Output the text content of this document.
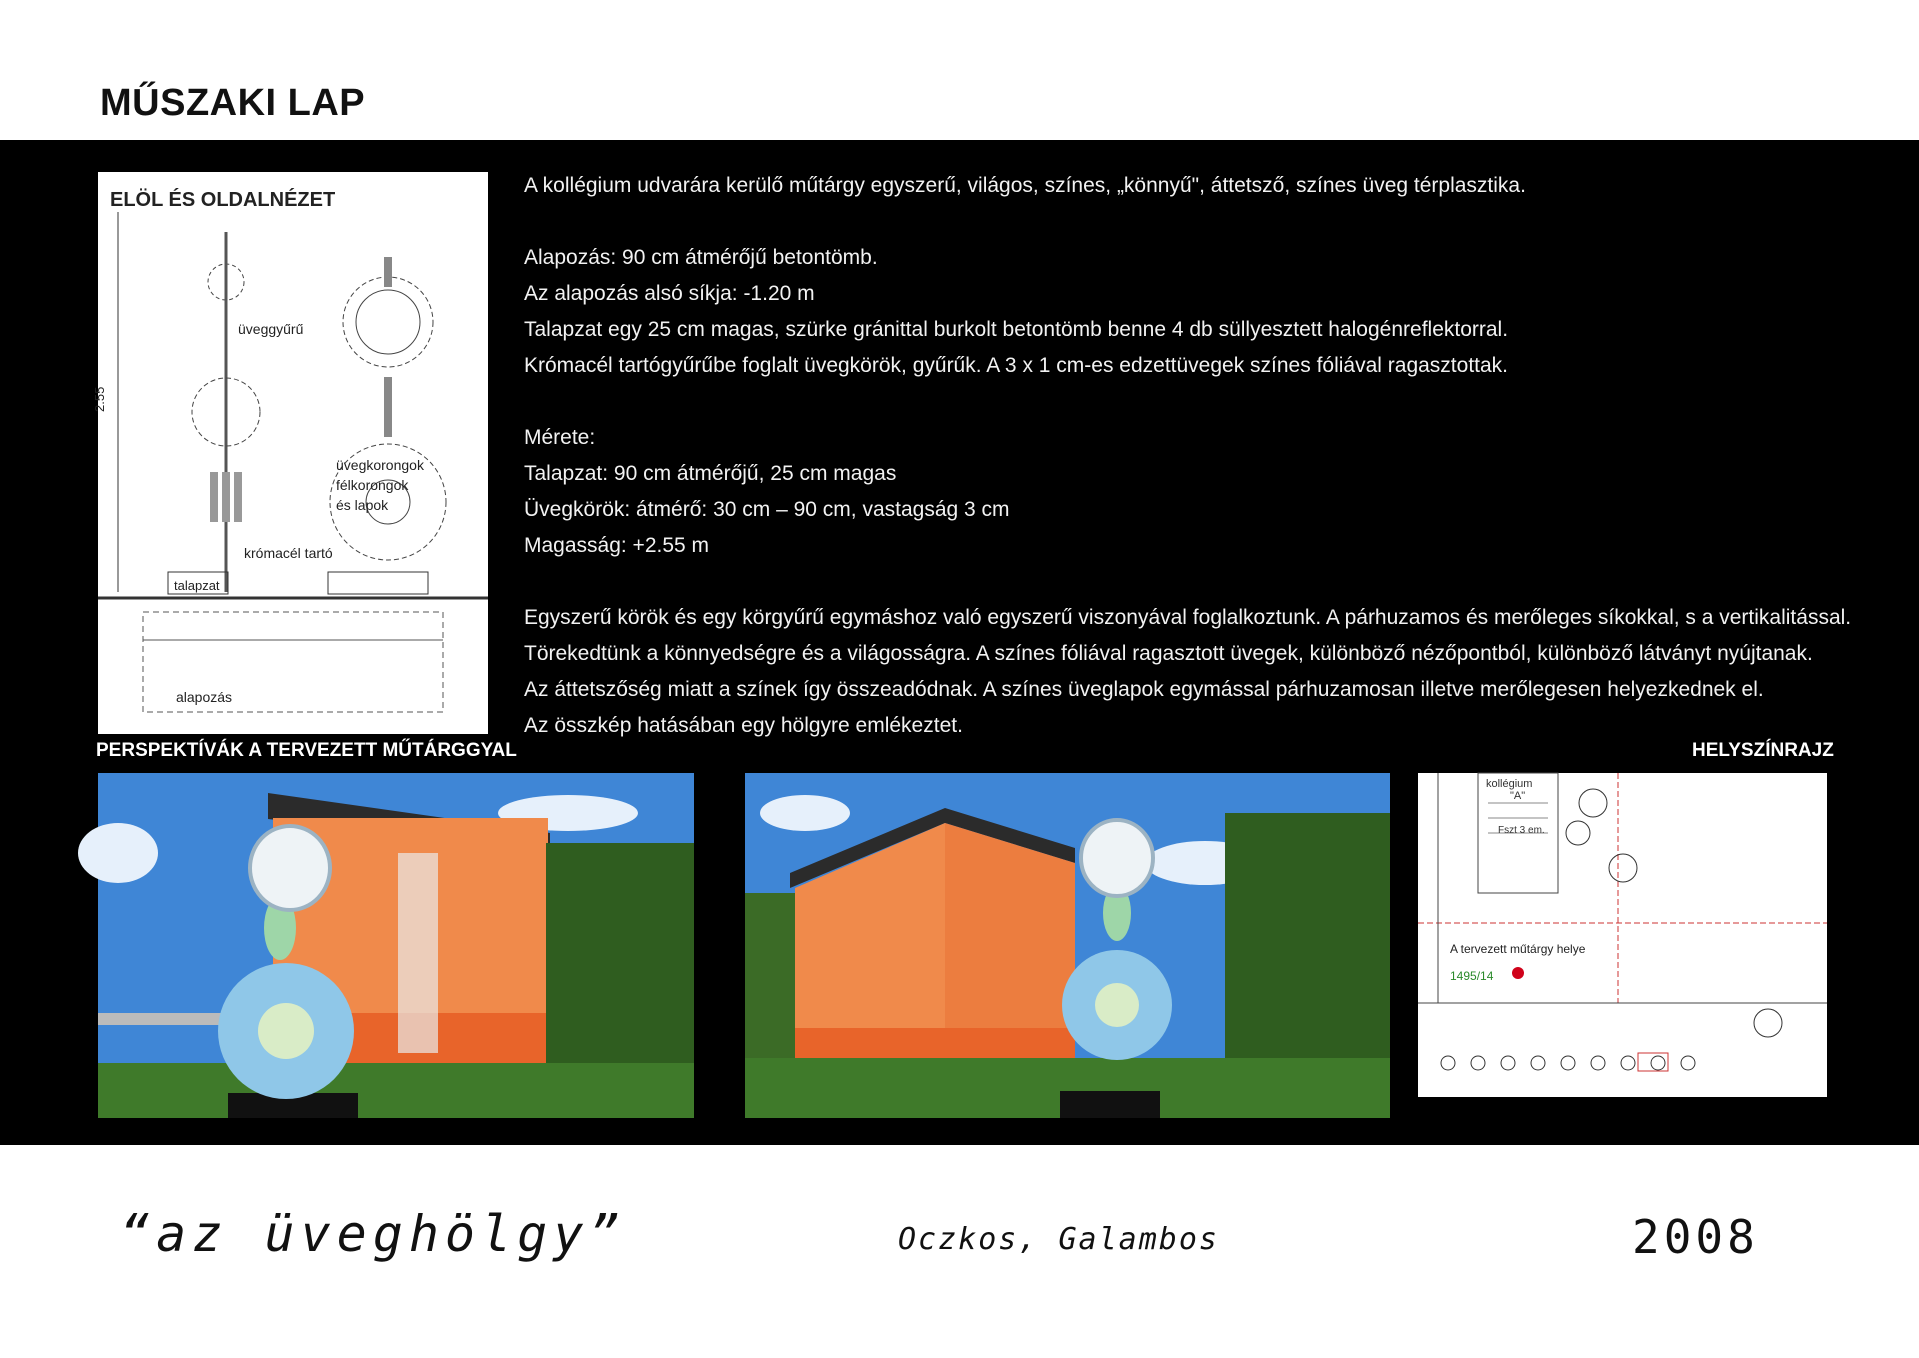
MŰSZAKI LAP
ELÖL ÉS OLDALNÉZET
üveggyűrű
üvegkorongok
félkorongok
és lapok
2.55
krómacél tartó
talapzat
alapozás

A kollégium udvarára kerülő műtárgy egyszerű, világos, színes, „könnyű", áttetsző, színes üveg térplasztika.

Alapozás: 90 cm átmérőjű betontömb.

Az alapozás alsó síkja: -1.20 m

Talapzat egy 25 cm magas, szürke gránittal burkolt betontömb benne 4 db süllyesztett halogénreflektorral.

Krómacél tartógyűrűbe foglalt üvegkörök, gyűrűk. A 3 x 1 cm-es edzettüvegek színes fóliával ragasztottak.

Mérete:

Talapzat: 90 cm átmérőjű, 25 cm magas

Üvegkörök: átmérő: 30 cm – 90 cm, vastagság 3 cm

Magasság: +2.55 m

Egyszerű körök és egy körgyűrű egymáshoz való egyszerű viszonyával foglalkoztunk. A párhuzamos és merőleges síkokkal, s a vertikalitással.

Törekedtünk a könnyedségre és a világosságra. A színes fóliával ragasztott üvegek, különböző nézőpontból, különböző látványt nyújtanak.

Az áttetszőség miatt a színek így összeadódnak. A színes üveglapok egymással párhuzamosan illetve merőlegesen helyezkednek el.

Az összkép hatásában egy hölgyre emlékeztet.

PERSPEKTÍVÁK A TERVEZETT MŰTÁRGGYAL	HELYSZÍNRAJZ
kollégium
"A"
Fszt 3 em.
A tervezett műtárgy helye
1495/14
“az üveghölgy”	Oczkos, Galambos	2008
